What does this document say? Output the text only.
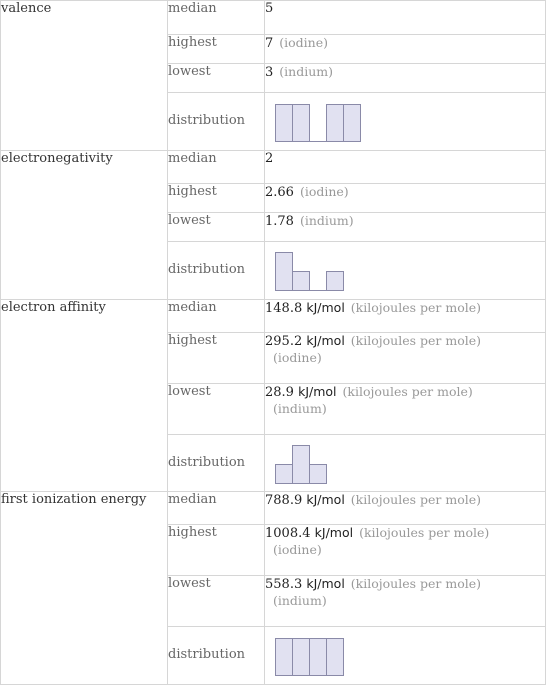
valence	median	5
	highest	7 (iodine)
	lowest	3 (indium)
	distribution	

electronegativity	median	2
	highest	2.66 (iodine)
	lowest	1.78 (indium)
	distribution	

electron affinity	median	148.8 kJ/mol (kilojoules per mole)
	highest	295.2 kJ/mol (kilojoules per mole)
(iodine)

	lowest	28.9 kJ/mol (kilojoules per mole)
(indium)

	distribution	

first ionization energy	median	788.9 kJ/mol (kilojoules per mole)
	highest	1008.4 kJ/mol (kilojoules per mole)
(iodine)

	lowest	558.3 kJ/mol (kilojoules per mole)
(indium)

	distribution	
